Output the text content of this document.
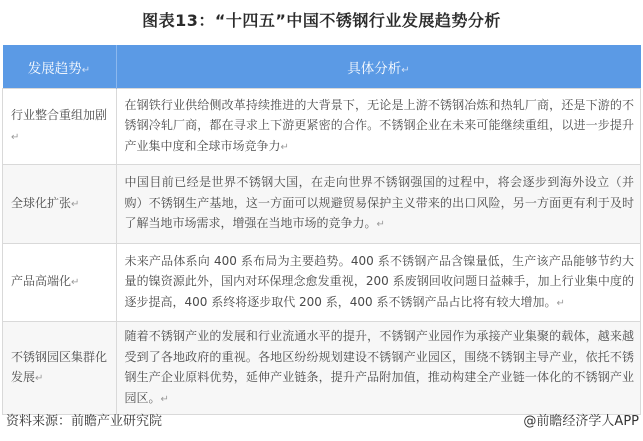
图表13：“十四五”中国不锈钢行业发展趋势分析
发展趋势↵	具体分析↵
行业整合重组加剧↵	在钢铁行业供给侧改革持续推进的大背景下，无论是上游不锈钢冶炼和热轧厂商，还是下游的不锈钢冷轧厂商，都在寻求上下游更紧密的合作。不锈钢企业在未来可能继续重组，以进一步提升产业集中度和全球市场竞争力↵
全球化扩张↵	中国目前已经是世界不锈钢大国，在走向世界不锈钢强国的过程中，将会逐步到海外设立（并购）不锈钢生产基地，这一方面可以规避贸易保护主义带来的出口风险，另一方面更有利于及时了解当地市场需求，增强在当地市场的竞争力。↵
产品高端化↵	未来产品体系向 400 系布局为主要趋势。400 系不锈钢产品含镍量低，生产该产品能够节约大量的镍资源此外，国内对环保理念愈发重视，200 系废钢回收问题日益棘手，加上行业集中度的逐步提高，400 系终将逐步取代 200 系，400 系不锈钢产品占比将有较大增加。↵
不锈钢园区集群化发展↵	随着不锈钢产业的发展和行业流通水平的提升，不锈钢产业园作为承接产业集聚的载体，越来越受到了各地政府的重视。各地区纷纷规划建设不锈钢产业园区，围绕不锈钢主导产业，依托不锈钢生产企业原料优势，延伸产业链条，提升产品附加值，推动构建全产业链一体化的不锈钢产业园区。↵
资料来源：前瞻产业研究院	@前瞻经济学人APP
